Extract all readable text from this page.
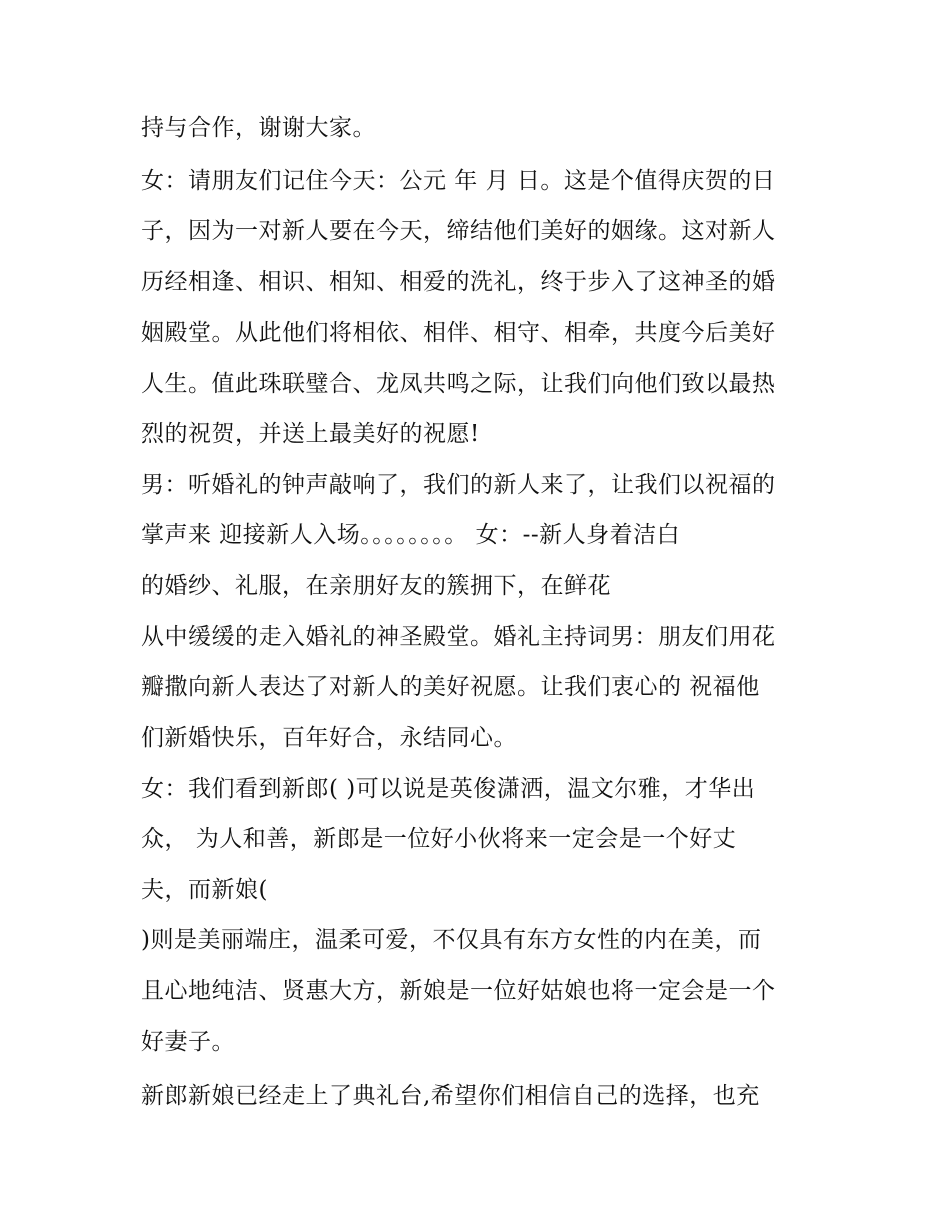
持与合作，谢谢大家。
女：请朋友们记住今天：公元 年 月 日。这是个值得庆贺的日
子，因为一对新人要在今天，缔结他们美好的姻缘。这对新人
历经相逢、相识、相知、相爱的洗礼，终于步入了这神圣的婚
姻殿堂。从此他们将相依、相伴、相守、相牵，共度今后美好
人生。值此珠联璧合、龙凤共鸣之际，让我们向他们致以最热
烈的祝贺，并送上最美好的祝愿!
男：听婚礼的钟声敲响了，我们的新人来了，让我们以祝福的
掌声来 迎接新人入场。。。。。。。。 女：--新人身着洁白
的婚纱、礼服，在亲朋好友的簇拥下，在鲜花
从中缓缓的走入婚礼的神圣殿堂。婚礼主持词男：朋友们用花
瓣撒向新人表达了对新人的美好祝愿。让我们衷心的 祝福他
们新婚快乐，百年好合，永结同心。
女：我们看到新郎( )可以说是英俊潇洒，温文尔雅，才华出
众， 为人和善，新郎是一位好小伙将来一定会是一个好丈
夫，而新娘(
)则是美丽端庄，温柔可爱，不仅具有东方女性的内在美，而
且心地纯洁、贤惠大方，新娘是一位好姑娘也将一定会是一个
好妻子。
新郎新娘已经走上了典礼台,希望你们相信自己的选择，也充
